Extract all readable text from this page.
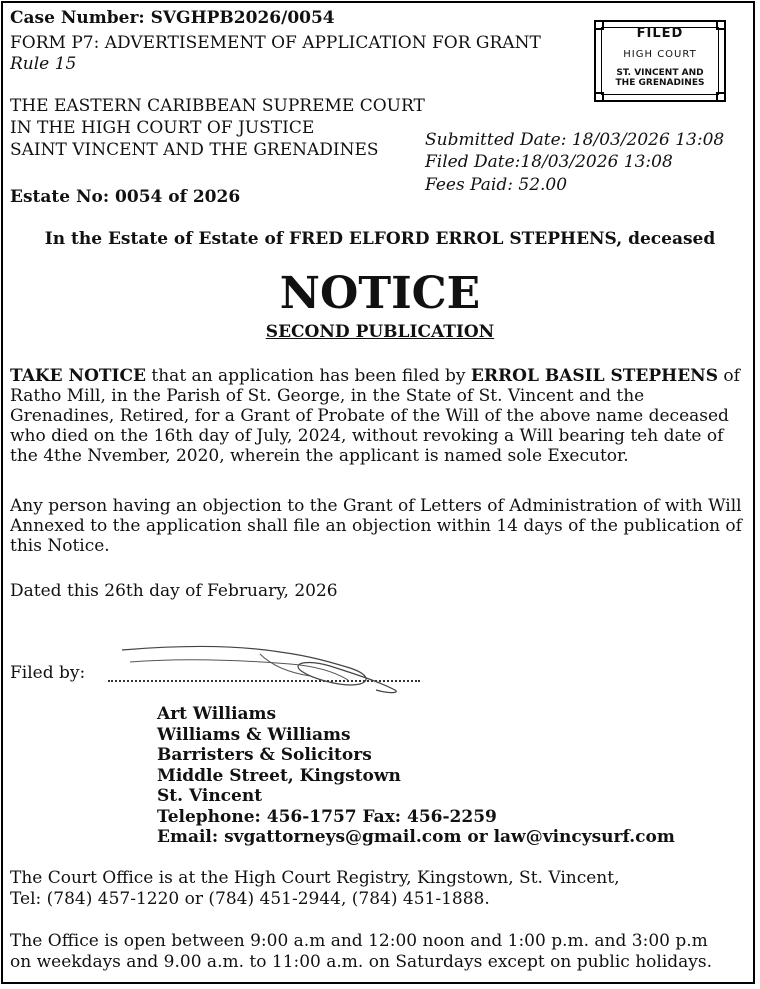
Case Number: SVGHPB2026/0054
FORM P7: ADVERTISEMENT OF APPLICATION FOR GRANT
Rule 15
THE EASTERN CARIBBEAN SUPREME COURT
IN THE HIGH COURT OF JUSTICE
SAINT VINCENT AND THE GRENADINES
Estate No: 0054 of 2026
FILED
HIGH COURT
ST. VINCENT AND
THE GRENADINES
Submitted Date: 18/03/2026 13:08
Filed Date:18/03/2026 13:08
Fees Paid: 52.00
In the Estate of Estate of FRED ELFORD ERROL STEPHENS, deceased
NOTICE
SECOND PUBLICATION
TAKE NOTICE that an application has been filed by ERROL BASIL STEPHENS of Ratho Mill, in the Parish of St. George, in the State of St. Vincent and the Grenadines, Retired, for a Grant of Probate of the Will of the above name deceased who died on the 16th day of July, 2024, without revoking a Will bearing teh date of the 4the Nvember, 2020, wherein the applicant is named sole Executor.
Any person having an objection to the Grant of Letters of Administration of with Will Annexed to the application shall file an objection within 14 days of the publication of this Notice.
Dated this 26th day of February, 2026
Filed by:
Art Williams
Williams & Williams
Barristers & Solicitors
Middle Street, Kingstown
St. Vincent
Telephone: 456-1757 Fax: 456-2259
Email: svgattorneys@gmail.com or law@vincysurf.com
The Court Office is at the High Court Registry, Kingstown, St. Vincent,
Tel: (784) 457-1220 or (784) 451-2944, (784) 451-1888.
The Office is open between 9:00 a.m and 12:00 noon and 1:00 p.m. and 3:00 p.m
on weekdays and 9.00 a.m. to 11:00 a.m. on Saturdays except on public holidays.
